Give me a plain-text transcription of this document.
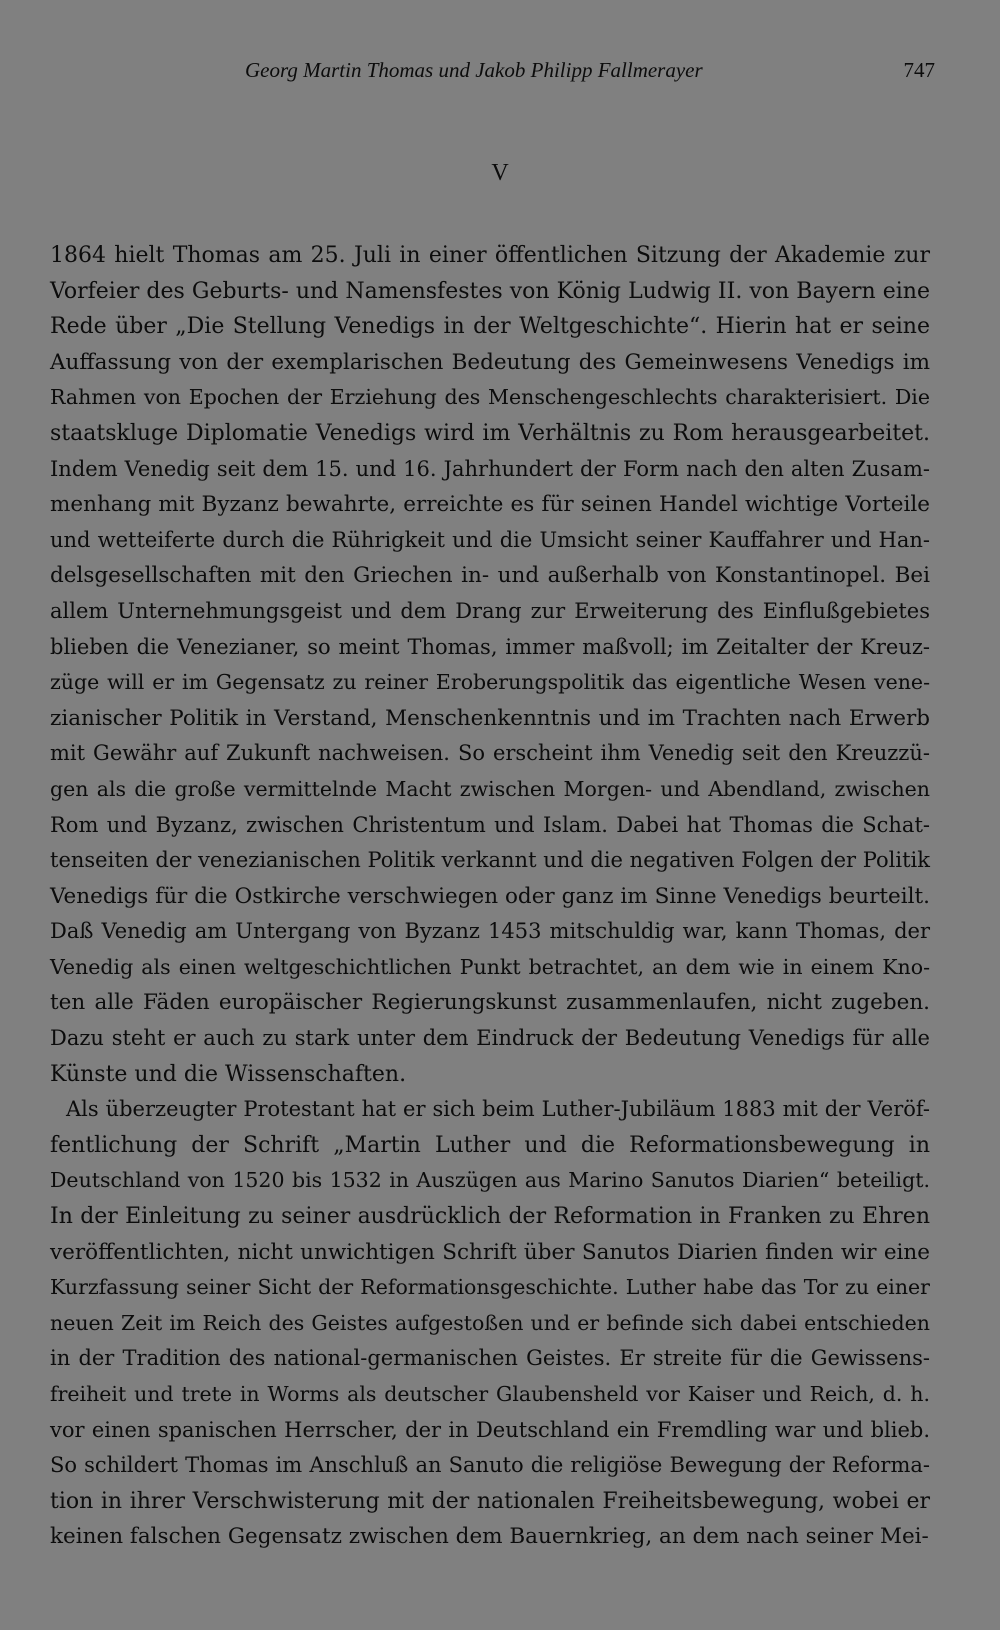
Georg Martin Thomas und Jakob Philipp Fallmerayer	747
V
1864 hielt Thomas am 25. Juli in einer öffentlichen Sitzung der Akademie zur
Vorfeier des Geburts- und Namensfestes von König Ludwig II. von Bayern eine
Rede über „Die Stellung Venedigs in der Weltgeschichte“. Hierin hat er seine
Auffassung von der exemplarischen Bedeutung des Gemeinwesens Venedigs im
Rahmen von Epochen der Erziehung des Menschengeschlechts charakterisiert. Die
staatskluge Diplomatie Venedigs wird im Verhältnis zu Rom herausgearbeitet.
Indem Venedig seit dem 15. und 16. Jahrhundert der Form nach den alten Zusam-
menhang mit Byzanz bewahrte, erreichte es für seinen Handel wichtige Vorteile
und wetteiferte durch die Rührigkeit und die Umsicht seiner Kauffahrer und Han-
delsgesellschaften mit den Griechen in- und außerhalb von Konstantinopel. Bei
allem Unternehmungsgeist und dem Drang zur Erweiterung des Einflußgebietes
blieben die Venezianer, so meint Thomas, immer maßvoll; im Zeitalter der Kreuz-
züge will er im Gegensatz zu reiner Eroberungspolitik das eigentliche Wesen vene-
zianischer Politik in Verstand, Menschenkenntnis und im Trachten nach Erwerb
mit Gewähr auf Zukunft nachweisen. So erscheint ihm Venedig seit den Kreuzzü-
gen als die große vermittelnde Macht zwischen Morgen- und Abendland, zwischen
Rom und Byzanz, zwischen Christentum und Islam. Dabei hat Thomas die Schat-
tenseiten der venezianischen Politik verkannt und die negativen Folgen der Politik
Venedigs für die Ostkirche verschwiegen oder ganz im Sinne Venedigs beurteilt.
Daß Venedig am Untergang von Byzanz 1453 mitschuldig war, kann Thomas, der
Venedig als einen weltgeschichtlichen Punkt betrachtet, an dem wie in einem Kno-
ten alle Fäden europäischer Regierungskunst zusammenlaufen, nicht zugeben.
Dazu steht er auch zu stark unter dem Eindruck der Bedeutung Venedigs für alle
Künste und die Wissenschaften.
Als überzeugter Protestant hat er sich beim Luther-Jubiläum 1883 mit der Veröf-
fentlichung der Schrift „Martin Luther und die Reformationsbewegung in
Deutschland von 1520 bis 1532 in Auszügen aus Marino Sanutos Diarien“ beteiligt.
In der Einleitung zu seiner ausdrücklich der Reformation in Franken zu Ehren
veröffentlichten, nicht unwichtigen Schrift über Sanutos Diarien finden wir eine
Kurzfassung seiner Sicht der Reformationsgeschichte. Luther habe das Tor zu einer
neuen Zeit im Reich des Geistes aufgestoßen und er befinde sich dabei entschieden
in der Tradition des national-germanischen Geistes. Er streite für die Gewissens-
freiheit und trete in Worms als deutscher Glaubensheld vor Kaiser und Reich, d. h.
vor einen spanischen Herrscher, der in Deutschland ein Fremdling war und blieb.
So schildert Thomas im Anschluß an Sanuto die religiöse Bewegung der Reforma-
tion in ihrer Verschwisterung mit der nationalen Freiheitsbewegung, wobei er
keinen falschen Gegensatz zwischen dem Bauernkrieg, an dem nach seiner Mei-
